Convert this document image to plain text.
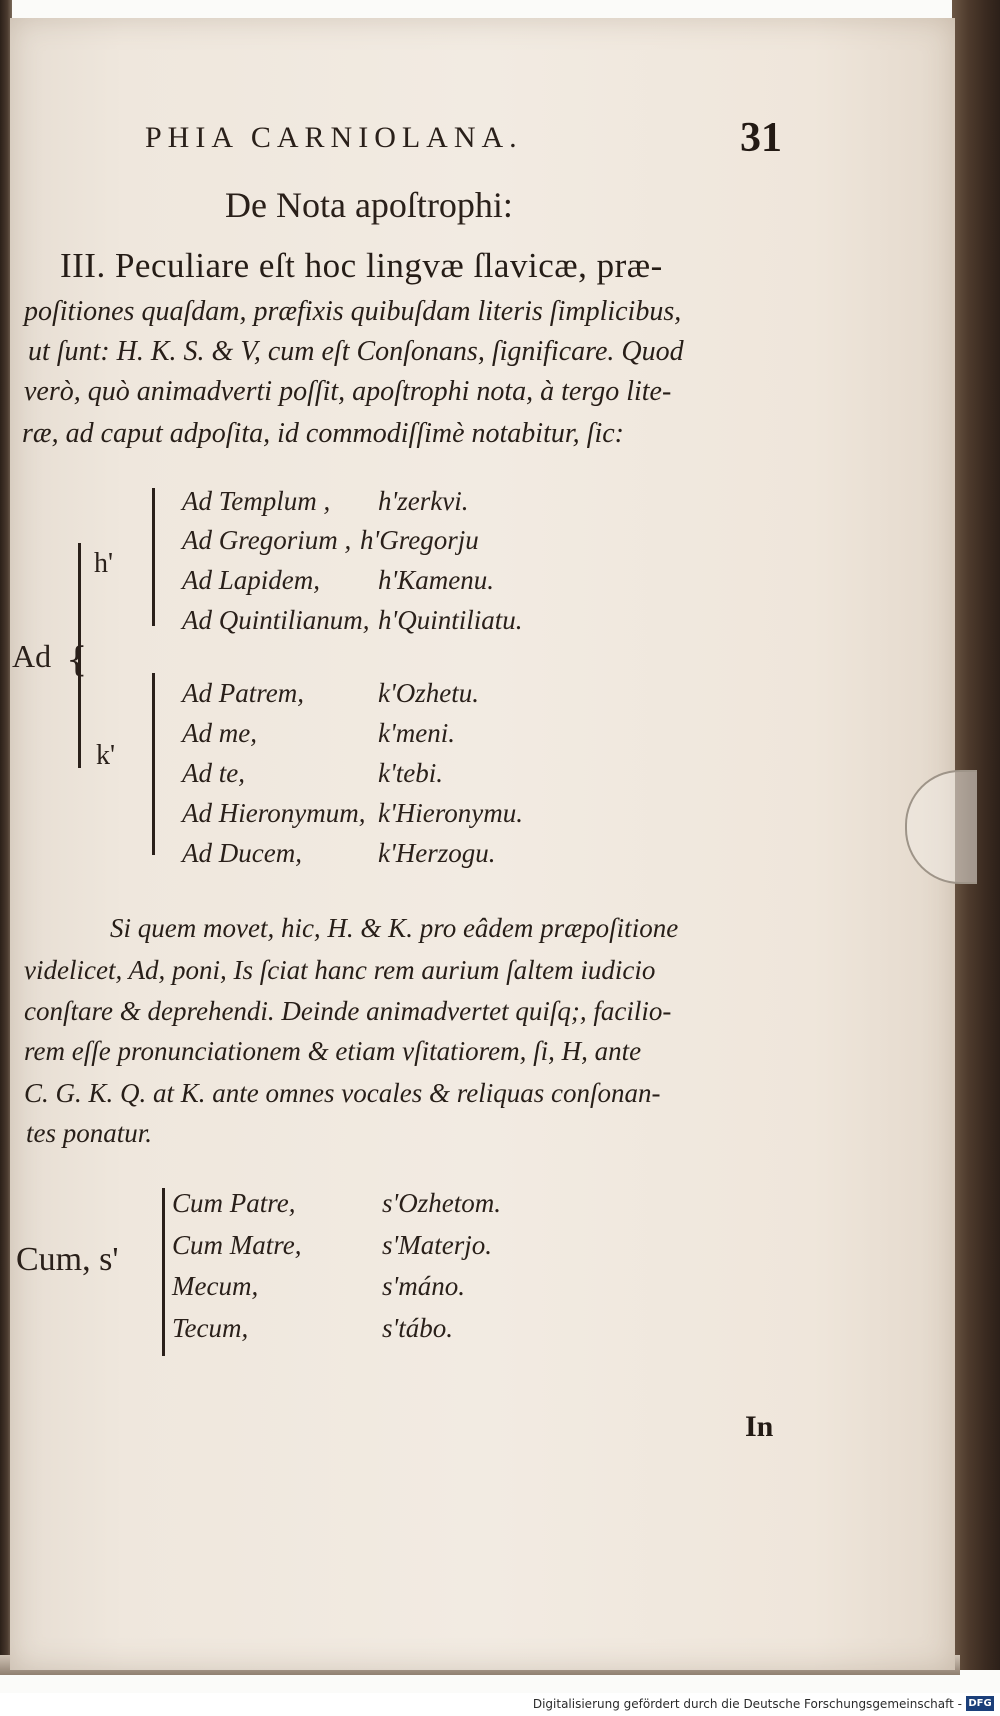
PHIA CARNIOLANA.	31
De Nota apoſtrophi:
III. Peculiare eſt hoc lingvæ ſlavicæ, præ-
poſitiones quaſdam, præfixis quibuſdam literis ſimplicibus,
ut ſunt: H. K. S. & V, cum eſt Conſonans, ſignificare. Quod
verò, quò animadverti poſſit, apoſtrophi nota, à tergo lite-
ræ, ad caput adpoſita, id commodiſſimè notabitur, ſic:
Ad {
h'
k'
Ad Templum , h'zerkvi.
Ad Gregorium , h'Gregorju
Ad Lapidem, h'Kamenu.
Ad Quintilianum, h'Quintiliatu.
Ad Patrem,	k'Ozhetu.
Ad me,	k'meni.
Ad te,	k'tebi.
Ad Hieronymum, k'Hieronymu.
Ad Ducem,	k'Herzogu.
Si quem movet, hic, H. & K. pro eâdem præpoſitione
videlicet, Ad, poni, Is ſciat hanc rem aurium ſaltem iudicio
conſtare & deprehendi. Deinde animadvertet quiſq;, facilio-
rem eſſe pronunciationem & etiam vſitatiorem, ſi, H, ante
C. G. K. Q. at K. ante omnes vocales & reliquas conſonan-
tes ponatur.
Cum, s'
Cum Patre,	s'Ozhetom.
Cum Matre,	s'Materjo.
Mecum,	s'máno.
Tecum,	s'tábo.
In
Digitalisierung gefördert durch die Deutsche Forschungsgemeinschaft - DFG
